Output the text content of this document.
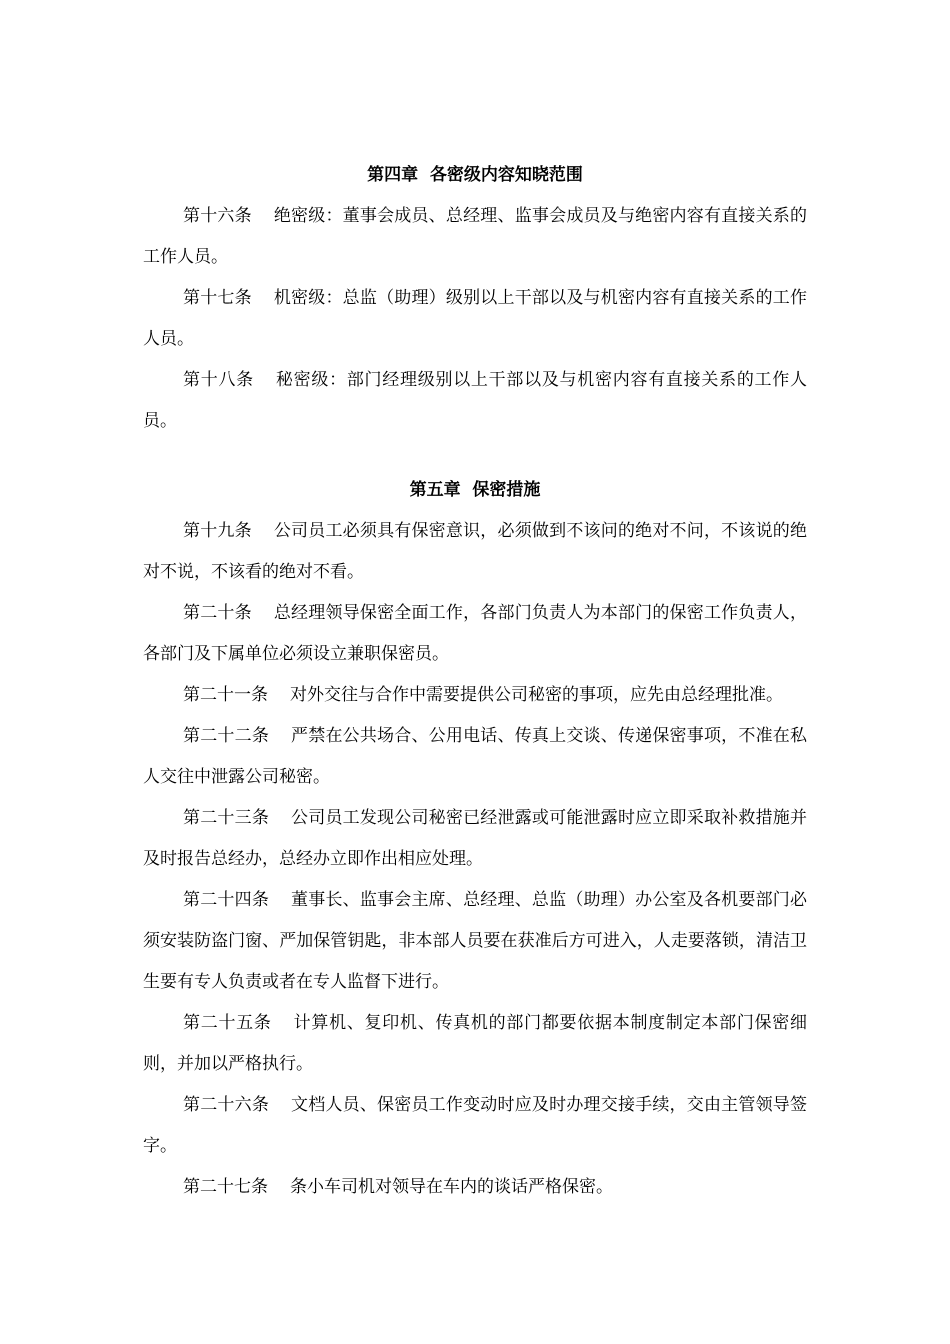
第四章  各密级内容知晓范围

第十六条 绝密级：董事会成员、总经理、监事会成员及与绝密内容有直接关系的工作人员。

第十七条 机密级：总监（助理）级别以上干部以及与机密内容有直接关系的工作人员。

第十八条 秘密级：部门经理级别以上干部以及与机密内容有直接关系的工作人员。

第五章  保密措施

第十九条 公司员工必须具有保密意识，必须做到不该问的绝对不问，不该说的绝对不说，不该看的绝对不看。

第二十条 总经理领导保密全面工作，各部门负责人为本部门的保密工作负责人，各部门及下属单位必须设立兼职保密员。

第二十一条 对外交往与合作中需要提供公司秘密的事项，应先由总经理批准。

第二十二条 严禁在公共场合、公用电话、传真上交谈、传递保密事项，不准在私人交往中泄露公司秘密。

第二十三条 公司员工发现公司秘密已经泄露或可能泄露时应立即采取补救措施并及时报告总经办，总经办立即作出相应处理。

第二十四条 董事长、监事会主席、总经理、总监（助理）办公室及各机要部门必须安装防盗门窗、严加保管钥匙，非本部人员要在获准后方可进入，人走要落锁，清洁卫生要有专人负责或者在专人监督下进行。

第二十五条 计算机、复印机、传真机的部门都要依据本制度制定本部门保密细则，并加以严格执行。

第二十六条 文档人员、保密员工作变动时应及时办理交接手续，交由主管领导签字。

第二十七条 条小车司机对领导在车内的谈话严格保密。
